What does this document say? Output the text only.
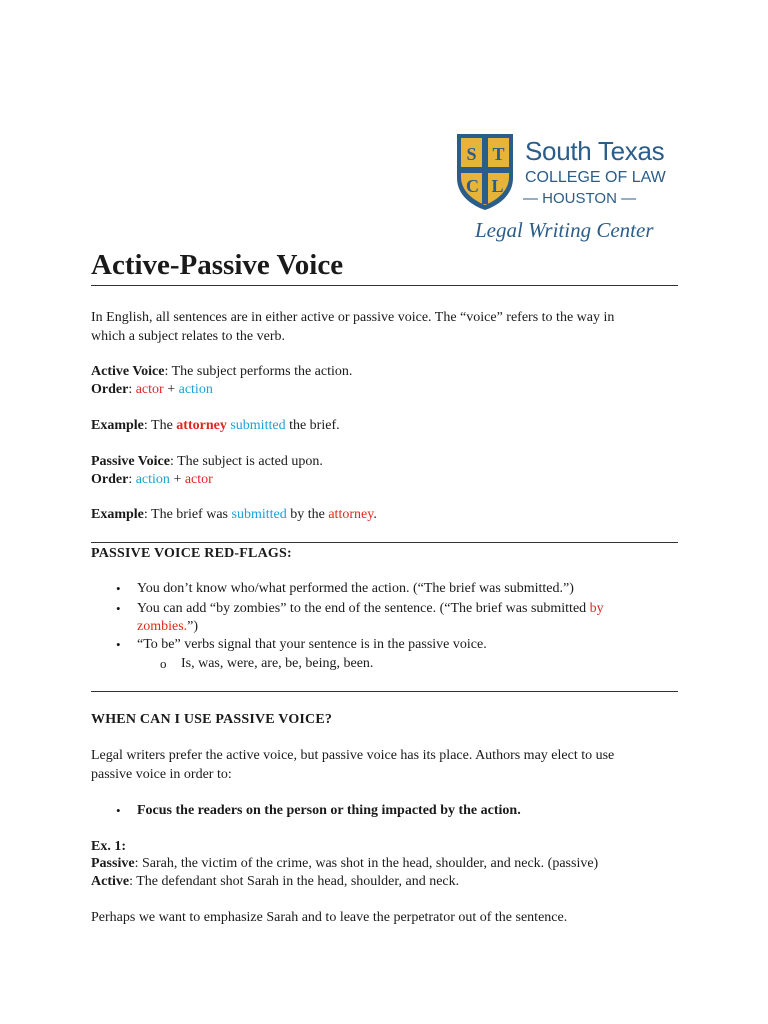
S T
C L
South Texas
COLLEGE OF LAW
— HOUSTON —
Legal Writing Center
Active-Passive Voice
In English, all sentences are in either active or passive voice. The “voice” refers to the way in
which a subject relates to the verb.
Active Voice: The subject performs the action.
Order: actor + action
Example: The attorney submitted the brief.
Passive Voice: The subject is acted upon.
Order: action + actor
Example: The brief was submitted by the attorney.
PASSIVE VOICE RED-FLAGS:
• You don’t know who/what performed the action. (“The brief was submitted.”)
• You can add “by zombies” to the end of the sentence. (“The brief was submitted by
zombies.”)
• “To be” verbs signal that your sentence is in the passive voice.
o Is, was, were, are, be, being, been.
WHEN CAN I USE PASSIVE VOICE?
Legal writers prefer the active voice, but passive voice has its place. Authors may elect to use
passive voice in order to:
• Focus the readers on the person or thing impacted by the action.
Ex. 1:
Passive: Sarah, the victim of the crime, was shot in the head, shoulder, and neck. (passive)
Active: The defendant shot Sarah in the head, shoulder, and neck.
Perhaps we want to emphasize Sarah and to leave the perpetrator out of the sentence.
